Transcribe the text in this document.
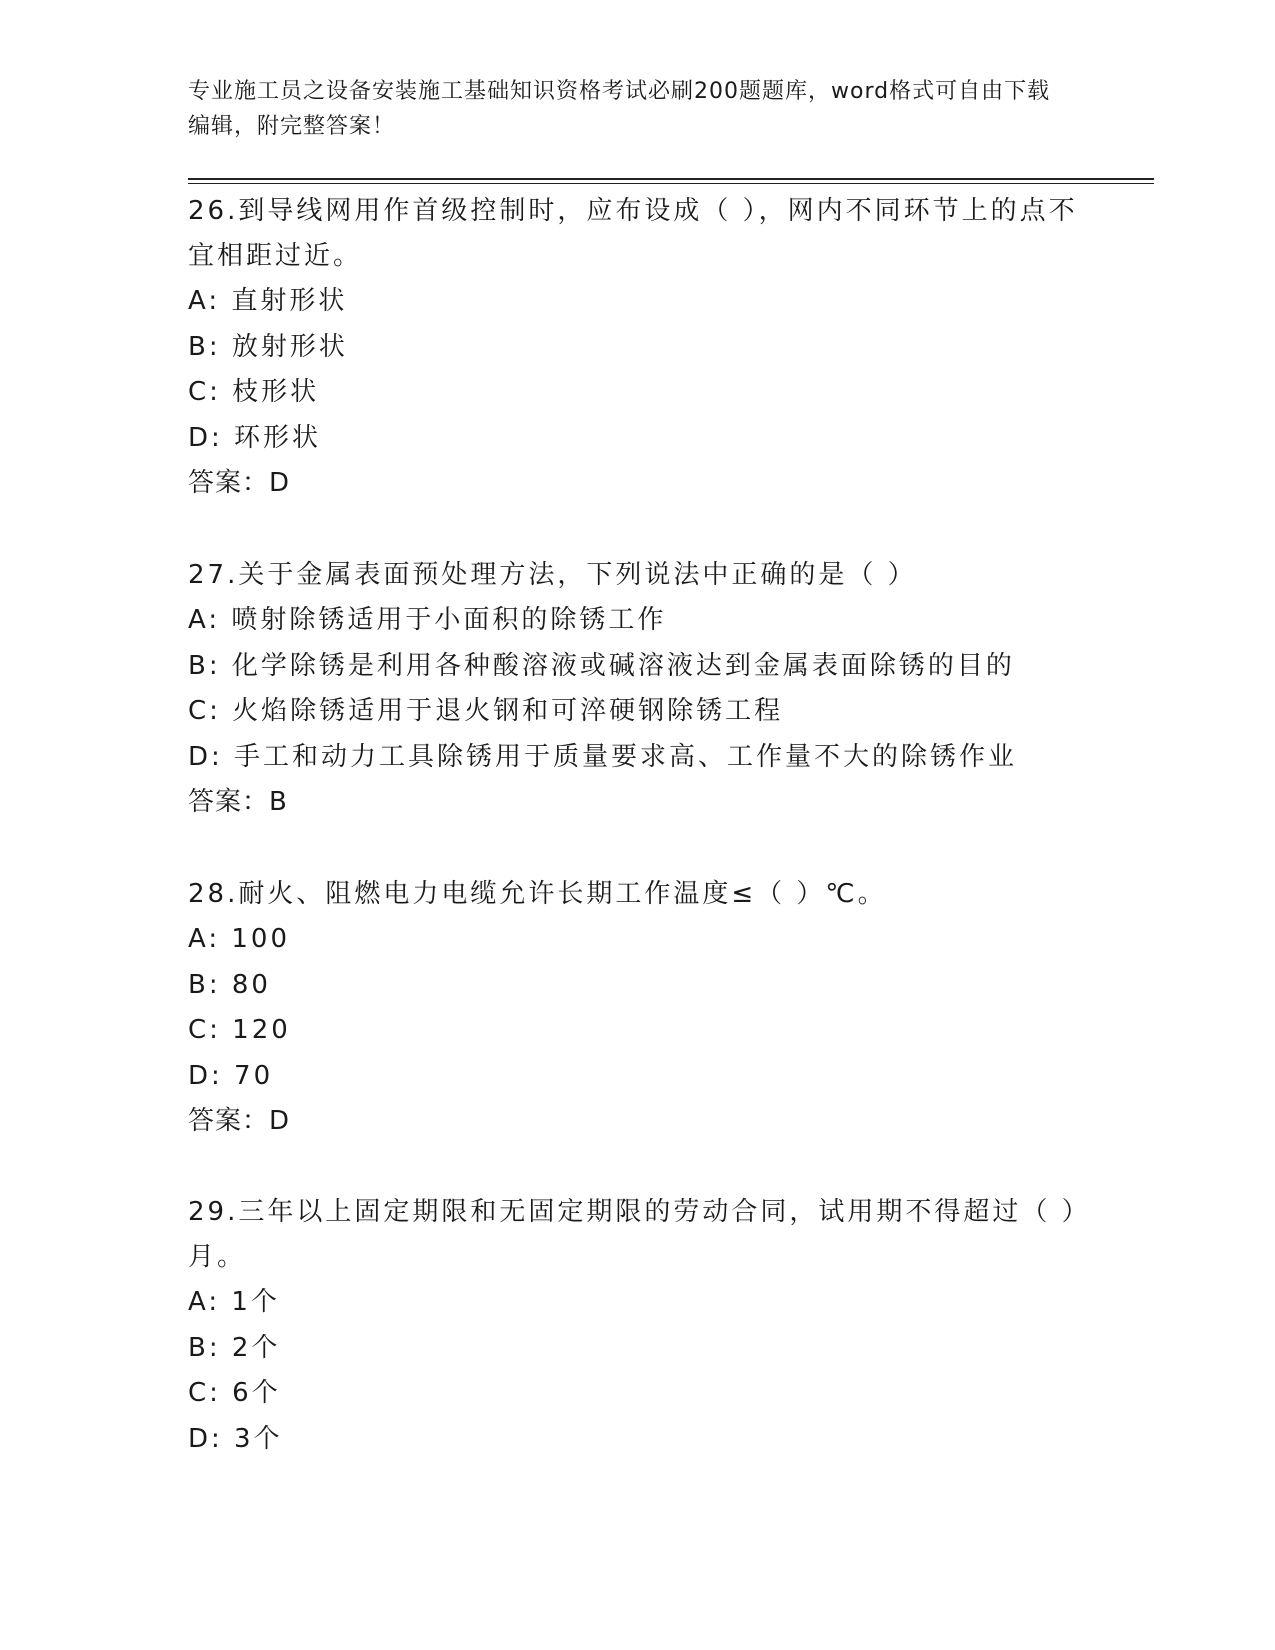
专业施工员之设备安装施工基础知识资格考试必刷200题题库，word格式可自由下载编辑，附完整答案！

26.到导线网用作首级控制时，应布设成（ ），网内不同环节上的点不宜相距过近。

A: 直射形状

B: 放射形状

C: 枝形状

D: 环形状

答案：D

27.关于金属表面预处理方法，下列说法中正确的是（ ）

A: 喷射除锈适用于小面积的除锈工作

B: 化学除锈是利用各种酸溶液或碱溶液达到金属表面除锈的目的

C: 火焰除锈适用于退火钢和可淬硬钢除锈工程

D: 手工和动力工具除锈用于质量要求高、工作量不大的除锈作业

答案：B

28.耐火、阻燃电力电缆允许长期工作温度≤（ ）℃。

A: 100

B: 80

C: 120

D: 70

答案：D

29.三年以上固定期限和无固定期限的劳动合同，试用期不得超过（ ）月。

A: 1个

B: 2个

C: 6个

D: 3个
